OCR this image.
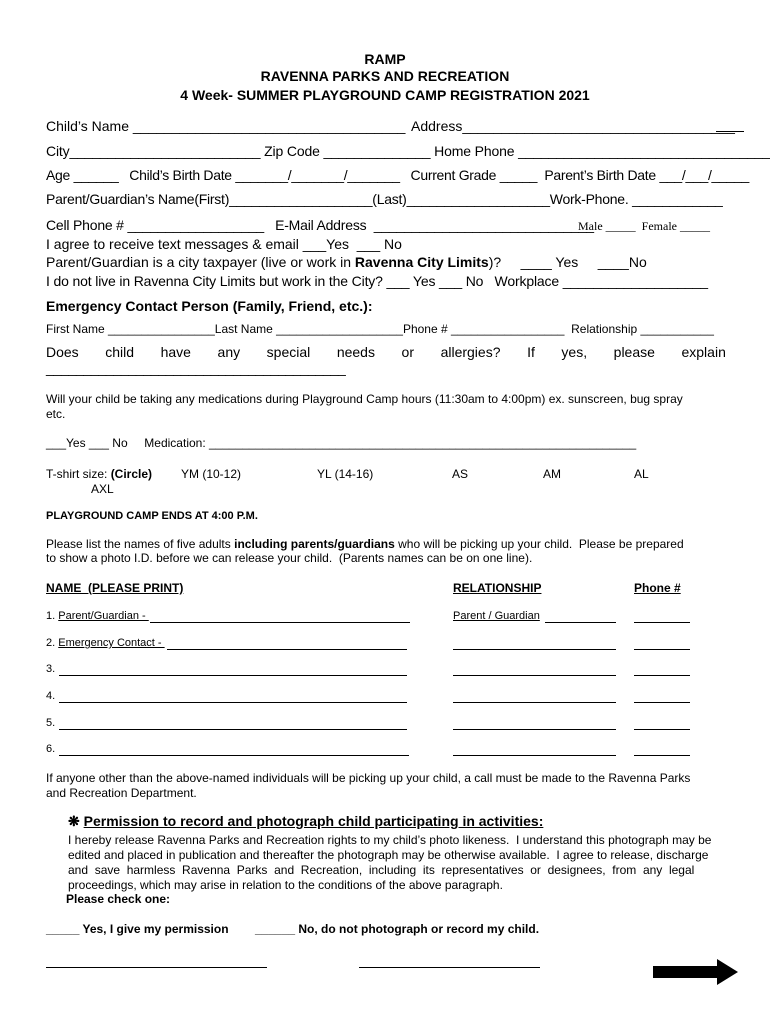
RAMP
RAVENNA PARKS AND RECREATION
4 Week- SUMMER PLAYGROUND CAMP REGISTRATION 2021
Child’s Name ___________________________________ Address___________________________________
City_________________________ Zip Code ______________ Home Phone _________________________________
Age ______   Child’s Birth Date _______/_______/_______   Current Grade _____  Parent’s Birth Date ___/___/_____
Parent/Guardian’s Name(First)___________________(Last)___________________Work-Phone. ____________
Cell Phone # __________________   E-Mail Address  _____________________________
Male _____  Female _____
I agree to receive text messages & email ___Yes  ___ No
Parent/Guardian is a city taxpayer (live or work in Ravenna City Limits)?     ____ Yes     ____No
I do not live in Ravenna City Limits but work in the City? ___ Yes ___ No   Workplace ___________________
Emergency Contact Person (Family, Friend, etc.):
First Name ________________Last Name ___________________Phone # _________________  Relationship ___________
Does child have any special needs or allergies? If yes, please explain
________________________________________
Will your child be taking any medications during Playground Camp hours (11:30am to 4:00pm) ex. sunscreen, bug spray
etc.
___Yes ___ No     Medication: ________________________________________________________________
T-shirt size: (Circle) YM (10-12)	YL (14-16)	AS	AM	AL
AXL
PLAYGROUND CAMP ENDS AT 4:00 P.M.
Please list the names of five adults including parents/guardians who will be picking up your child.  Please be prepared
to show a photo I.D. before we can release your child.  (Parents names can be on one line).
NAME  (PLEASE PRINT)	RELATIONSHIP	Phone #
1. Parent/Guardian -	Parent / Guardian
2. Emergency Contact -
3.
4.
5.
6.
If anyone other than the above-named individuals will be picking up your child, a call must be made to the Ravenna Parks
and Recreation Department.
❋ Permission to record and photograph child participating in activities:
I hereby release Ravenna Parks and Recreation rights to my child’s photo likeness.  I understand this photograph may be
edited and placed in publication and thereafter the photograph may be otherwise available.  I agree to release, discharge
and  save  harmless  Ravenna  Parks  and  Recreation,  including  its  representatives  or  designees,  from  any  legal
proceedings, which may arise in relation to the conditions of the above paragraph.
Please check one:
_____ Yes, I give my permission ______ No, do not photograph or record my child.
